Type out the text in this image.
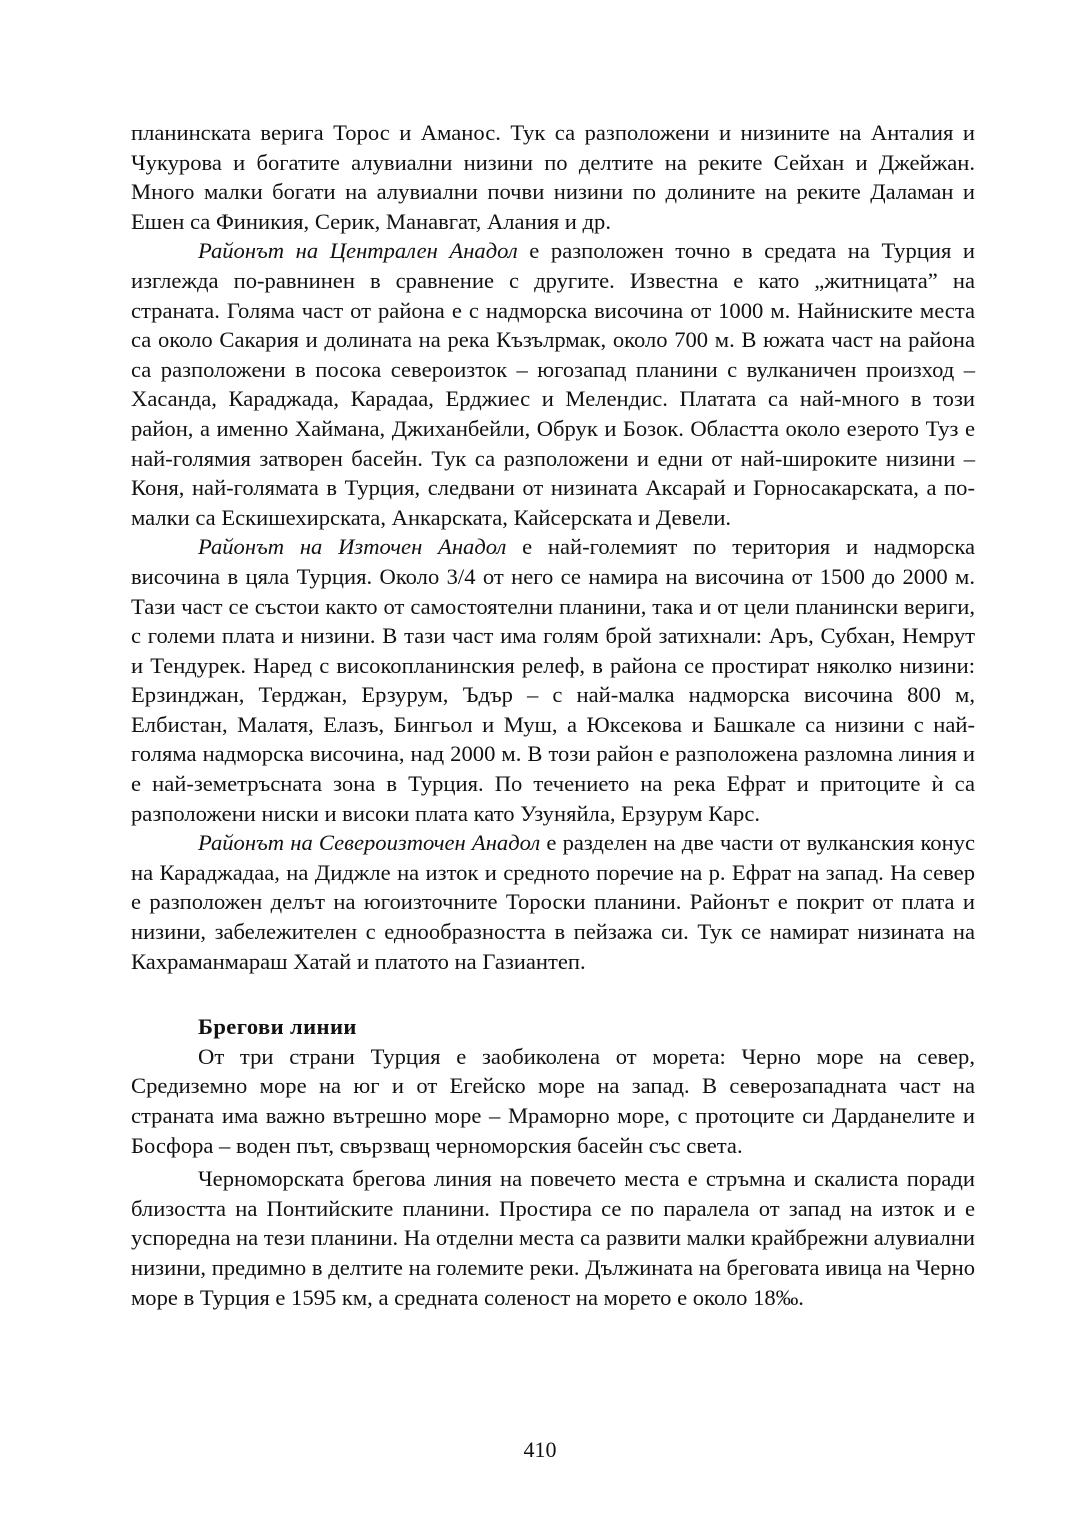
планинската верига Торос и Аманос. Тук са разположени и низините на Анталия и Чукурова и богатите алувиални низини по делтите на реките Сейхан и Джейжан. Много малки богати на алувиални почви низини по долините на реките Даламан и Ешен са Финикия, Серик, Манавгат, Алания и др.

Районът на Централен Анадол е разположен точно в средата на Турция и изглежда по-равнинен в сравнение с другите. Известна е като „житницата” на страната. Голяма част от района е с надморска височина от 1000 м. Найниските места са около Сакария и долината на река Къзълрмак, около 700 м. В южата част на района са разположени в посока североизток – югозапад планини с вулканичен произход – Хасанда, Караджада, Карадаа, Ерджиес и Мелендис. Платата са най-много в този район, а именно Хаймана, Джиханбейли, Обрук и Бозок. Областта около езерото Туз е най-голямия затворен басейн. Тук са разположени и едни от най-широките низини – Коня, най-голямата в Турция, следвани от низината Аксарай и Горносакарската, а по-малки са Ескишехирската, Анкарската, Кайсерската и Девели.

Районът на Източен Анадол е най-големият по територия и надморска височина в цяла Турция. Около 3/4 от него се намира на височина от 1500 до 2000 м. Тази част се състои както от самостоятелни планини, така и от цели планински вериги, с големи плата и низини. В тази част има голям брой затихнали: Аръ, Субхан, Немрут и Тендурек. Наред с високопланинския релеф, в района се простират няколко низини: Ерзинджан, Терджан, Ерзурум, Ъдър – с най-малка надморска височина 800 м, Елбистан, Малатя, Елазъ, Бингьол и Муш, а Юксекова и Башкале са низини с най-голяма надморска височина, над 2000 м. В този район е разположена разломна линия и е най-земетръсната зона в Турция. По течението на река Ефрат и притоците ѝ са разположени ниски и високи плата като Узуняйла, Ерзурум Карс.

Районът на Североизточен Анадол е разделен на две части от вулканския конус на Караджадаа, на Диджле на изток и средното поречие на р. Ефрат на запад. На север е разположен делът на югоизточните Тороски планини. Районът е покрит от плата и низини, забележителен с еднообразността в пейзажа си. Тук се намират низината на Кахраманмараш Хатай и платото на Газиантеп.

Брегови линии

От три страни Турция е заобиколена от морета: Черно море на север, Средиземно море на юг и от Егейско море на запад. В северозападната част на страната има важно вътрешно море – Мраморно море, с протоците си Дарданелите и Босфора – воден път, свързващ черноморския басейн със света.

Черноморската брегова линия на повечето места е стръмна и скалиста поради близостта на Понтийските планини. Простира се по паралела от запад на изток и е успоредна на тези планини. На отделни места са развити малки крайбрежни алувиални низини, предимно в делтите на големите реки. Дължината на бреговата ивица на Черно море в Турция е 1595 км, а средната соленост на морето е около 18‰.

410
